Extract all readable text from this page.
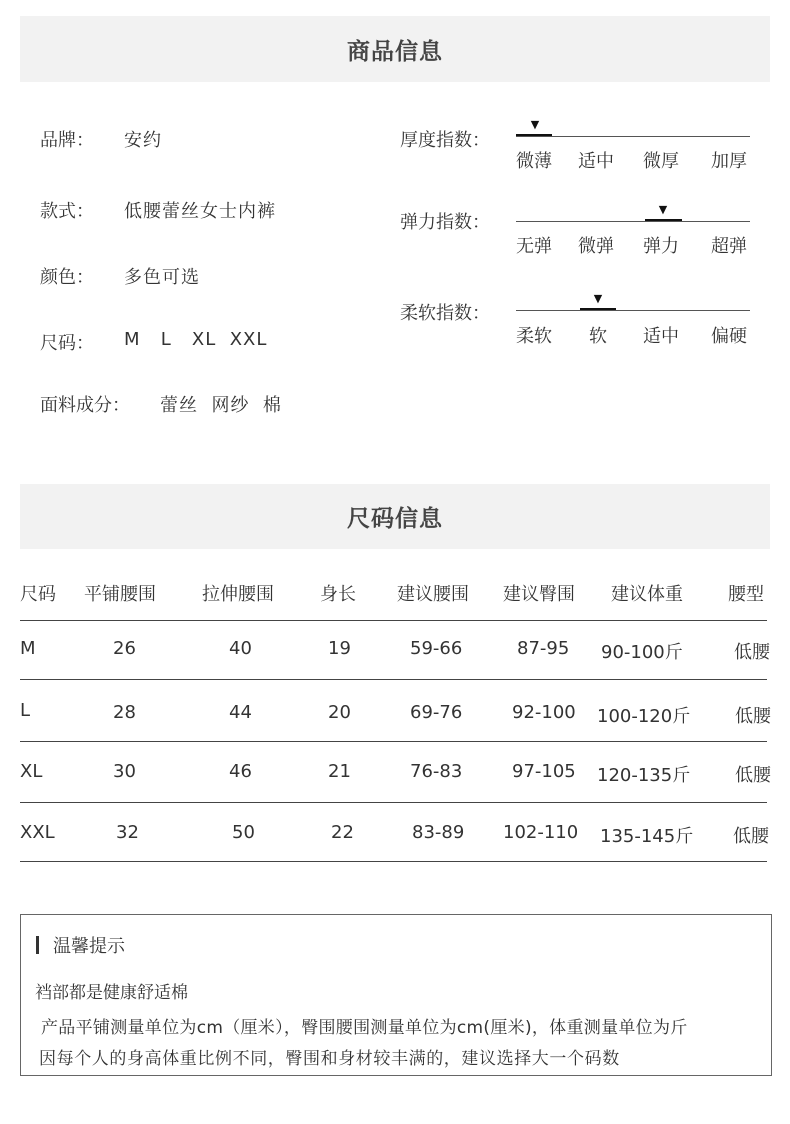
商品信息
品牌： 安约
款式： 低腰蕾丝女士内裤
颜色： 多色可选
尺码： M   L   XL  XXL
面料成分： 蕾丝  网纱  棉
厚度指数：
▼
微薄 适中 微厚 加厚
弹力指数：
▼
无弹 微弹 弹力 超弹
柔软指数：
▼
柔软 软 适中 偏硬
尺码信息
尺码 平铺腰围	拉伸腰围	身长 建议腰围 建议臀围 建议体重	腰型
M	26	40	19	59-66	87-95 90-100斤	低腰
L	28	44	20	69-76	92-100 100-120斤 低腰
XL	30	46	21	76-83	97-105 120-135斤 低腰
XXL	32	50	22	83-89 102-110 135-145斤 低腰
温馨提示
裆部都是健康舒适棉
产品平铺测量单位为cm（厘米），臀围腰围测量单位为cm(厘米)，体重测量单位为斤
因每个人的身高体重比例不同，臀围和身材较丰满的，建议选择大一个码数
